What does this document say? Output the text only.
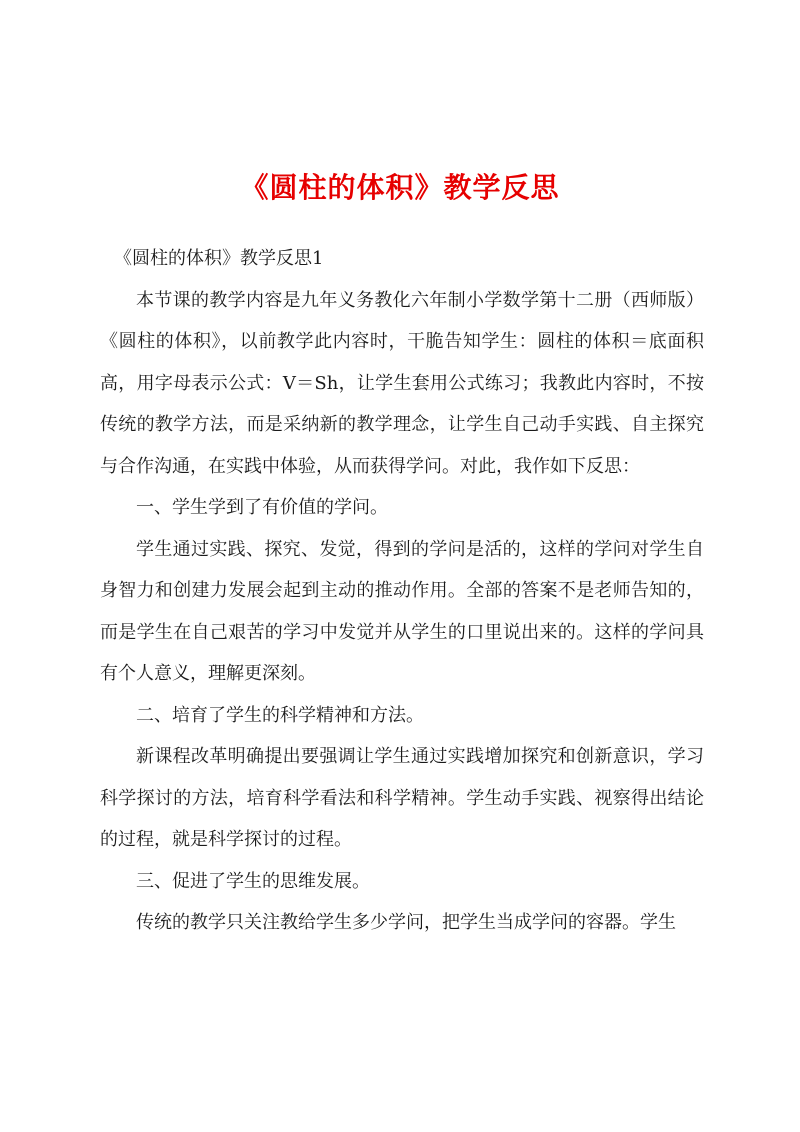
《圆柱的体积》教学反思

《圆柱的体积》教学反思1

本节课的教学内容是九年义务教化六年制小学数学第十二册（西师版）《圆柱的体积》，以前教学此内容时，干脆告知学生：圆柱的体积＝底面积高，用字母表示公式：V＝Sh，让学生套用公式练习；我教此内容时，不按传统的教学方法，而是采纳新的教学理念，让学生自己动手实践、自主探究与合作沟通，在实践中体验，从而获得学问。对此，我作如下反思：

一、学生学到了有价值的学问。

学生通过实践、探究、发觉，得到的学问是活的，这样的学问对学生自身智力和创建力发展会起到主动的推动作用。全部的答案不是老师告知的，而是学生在自己艰苦的学习中发觉并从学生的口里说出来的。这样的学问具有个人意义，理解更深刻。

二、培育了学生的科学精神和方法。

新课程改革明确提出要强调让学生通过实践增加探究和创新意识，学习科学探讨的方法，培育科学看法和科学精神。学生动手实践、视察得出结论的过程，就是科学探讨的过程。

三、促进了学生的思维发展。

传统的教学只关注教给学生多少学问，把学生当成学问的容器。学生
